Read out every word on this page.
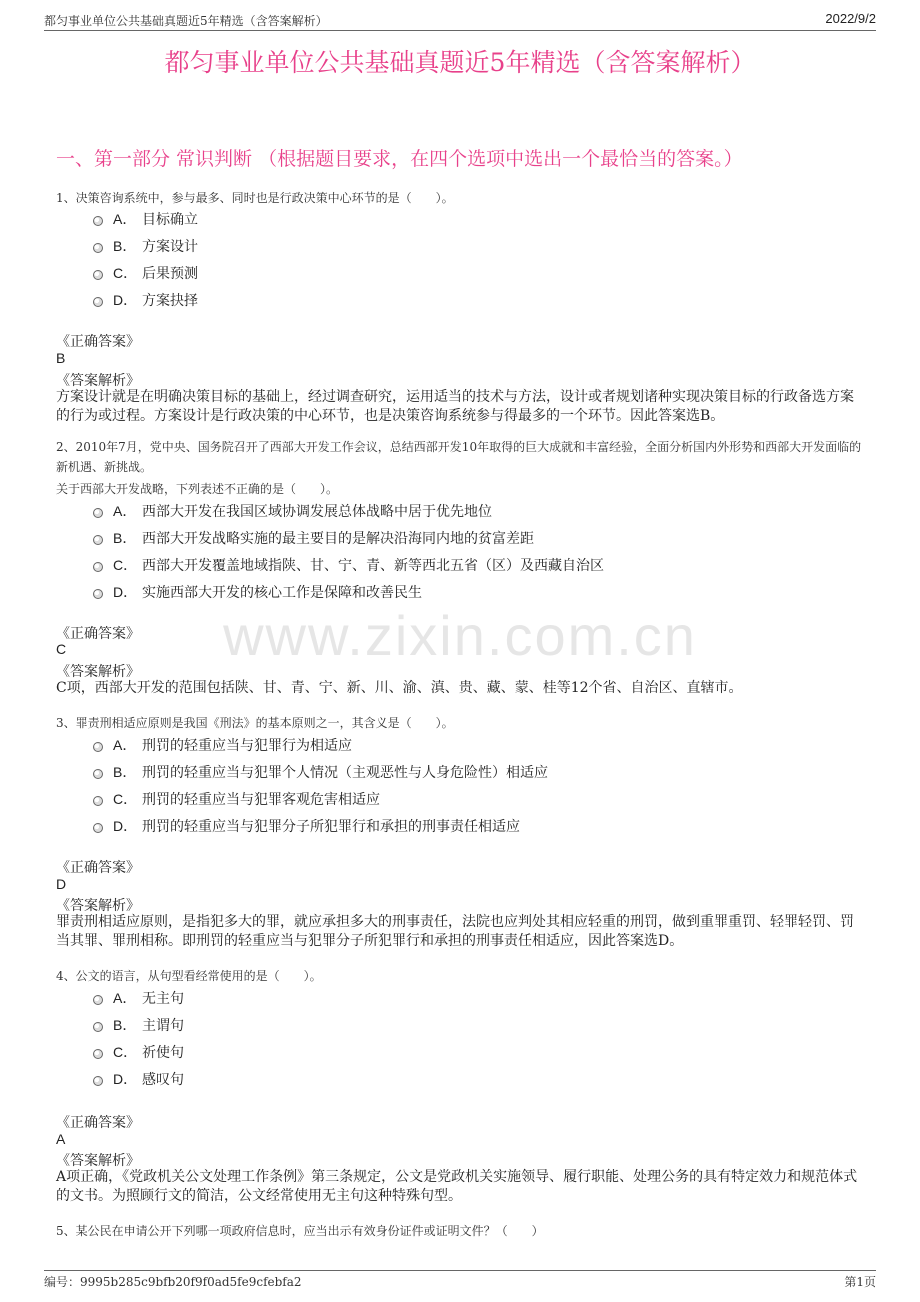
都匀事业单位公共基础真题近5年精选（含答案解析）	2022/9/2
都匀事业单位公共基础真题近5年精选（含答案解析）
一、第一部分 常识判断 （根据题目要求，在四个选项中选出一个最恰当的答案。）
www.zixin.com.cn
1、决策咨询系统中，参与最多、同时也是行政决策中心环节的是（　　）。
A． 目标确立
B． 方案设计
C． 后果预测
D． 方案抉择
《正确答案》
B
《答案解析》
方案设计就是在明确决策目标的基础上，经过调查研究，运用适当的技术与方法，设计或者规划诸种实现决策目标的行政备选方案的行为或过程。方案设计是行政决策的中心环节，也是决策咨询系统参与得最多的一个环节。因此答案选B。
2、2010年7月，党中央、国务院召开了西部大开发工作会议，总结西部开发10年取得的巨大成就和丰富经验，全面分析国内外形势和西部大开发面临的新机遇、新挑战。
关于西部大开发战略，下列表述不正确的是（　　）。
A． 西部大开发在我国区域协调发展总体战略中居于优先地位
B． 西部大开发战略实施的最主要目的是解决沿海同内地的贫富差距
C． 西部大开发覆盖地域指陕、甘、宁、青、新等西北五省（区）及西藏自治区
D． 实施西部大开发的核心工作是保障和改善民生
《正确答案》
C
《答案解析》
C项，西部大开发的范围包括陕、甘、青、宁、新、川、渝、滇、贵、藏、蒙、桂等12个省、自治区、直辖市。
3、罪责刑相适应原则是我国《刑法》的基本原则之一，其含义是（　　）。
A． 刑罚的轻重应当与犯罪行为相适应
B． 刑罚的轻重应当与犯罪个人情况（主观恶性与人身危险性）相适应
C． 刑罚的轻重应当与犯罪客观危害相适应
D． 刑罚的轻重应当与犯罪分子所犯罪行和承担的刑事责任相适应
《正确答案》
D
《答案解析》
罪责刑相适应原则，是指犯多大的罪，就应承担多大的刑事责任，法院也应判处其相应轻重的刑罚，做到重罪重罚、轻罪轻罚、罚当其罪、罪刑相称。即刑罚的轻重应当与犯罪分子所犯罪行和承担的刑事责任相适应，因此答案选D。
4、公文的语言，从句型看经常使用的是（　　）。
A． 无主句
B． 主谓句
C． 祈使句
D． 感叹句
《正确答案》
A
《答案解析》
A项正确，《党政机关公文处理工作条例》第三条规定，公文是党政机关实施领导、履行职能、处理公务的具有特定效力和规范体式的文书。为照顾行文的简洁，公文经常使用无主句这种特殊句型。
5、某公民在申请公开下列哪一项政府信息时，应当出示有效身份证件或证明文件？（　　）
编号：9995b285c9bfb20f9f0ad5fe9cfebfa2	第1页
